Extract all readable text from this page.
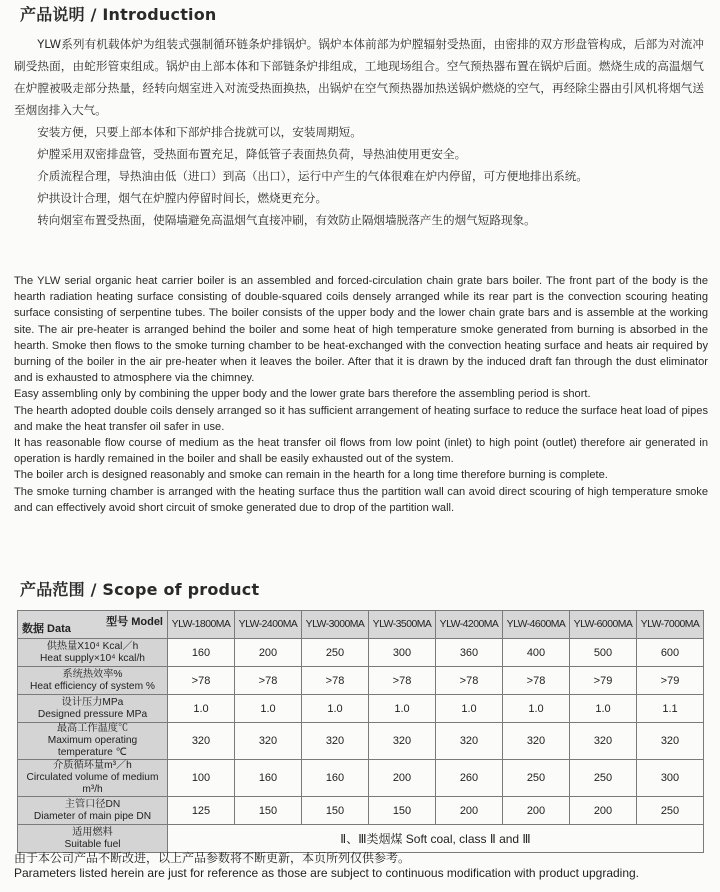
产品说明 / Introduction

YLW系列有机载体炉为组装式强制循环链条炉排锅炉。锅炉本体前部为炉膛辐射受热面，由密排的双方形盘管构成，后部为对流冲刷受热面，由蛇形管束组成。锅炉由上部本体和下部链条炉排组成，工地现场组合。空气预热器布置在锅炉后面。燃烧生成的高温烟气在炉膛被吸走部分热量，经转向烟室进入对流受热面换热，出锅炉在空气预热器加热送锅炉燃烧的空气，再经除尘器由引风机将烟气送至烟囱排入大气。

安装方便，只要上部本体和下部炉排合拢就可以，安装周期短。

炉膛采用双密排盘管，受热面布置充足，降低管子表面热负荷，导热油使用更安全。

介质流程合理，导热油由低（进口）到高（出口），运行中产生的气体很难在炉内停留，可方便地排出系统。

炉拱设计合理，烟气在炉膛内停留时间长，燃烧更充分。

转向烟室布置受热面，使隔墙避免高温烟气直接冲刷，有效防止隔烟墙脱落产生的烟气短路现象。

The YLW serial organic heat carrier boiler is an assembled and forced-circulation chain grate bars boiler. The front part of the body is the hearth radiation heating surface consisting of double-squared coils densely arranged while its rear part is the convection scouring heating surface consisting of serpentine tubes. The boiler consists of the upper body and the lower chain grate bars and is assemble at the working site. The air pre-heater is arranged behind the boiler and some heat of high temperature smoke generated from burning is absorbed in the hearth. Smoke then flows to the smoke turning chamber to be heat-exchanged with the convection heating surface and heats air required by burning of the boiler in the air pre-heater when it leaves the boiler. After that it is drawn by the induced draft fan through the dust eliminator and is exhausted to atmosphere via the chimney.

Easy assembling only by combining the upper body and the lower grate bars therefore the assembling period is short.

The hearth adopted double coils densely arranged so it has sufficient arrangement of heating surface to reduce the surface heat load of pipes and make the heat transfer oil safer in use.

It has reasonable flow course of medium as the heat transfer oil flows from low point (inlet) to high point (outlet) therefore air generated in operation is hardly remained in the boiler and shall be easily exhausted out of the system.

The boiler arch is designed reasonably and smoke can remain in the hearth for a long time therefore burning is complete.

The smoke turning chamber is arranged with the heating surface thus the partition wall can avoid direct scouring of high temperature smoke and can effectively avoid short circuit of smoke generated due to drop of the partition wall.

产品范围 / Scope of product
型号 Model
数据 Data	YLW-1800MA	YLW-2400MA	YLW-3000MA	YLW-3500MA	YLW-4200MA	YLW-4600MA	YLW-6000MA	YLW-7000MA
供热量X10⁴ Kcal／h
Heat supply×10⁴ kcal/h	160	200	250	300	360	400	500	600
系统热效率%
Heat efficiency of system %	>78	>78	>78	>78	>78	>78	>79	>79
设计压力MPa
Designed pressure MPa	1.0	1.0	1.0	1.0	1.0	1.0	1.0	1.1
最高工作温度℃
Maximum operating temperature ℃	320	320	320	320	320	320	320	320
介质循环量m³／h
Circulated volume of medium m³/h	100	160	160	200	260	250	250	300
主管口径DN
Diameter of main pipe DN	125	150	150	150	200	200	200	250
适用燃料
Suitable fuel	Ⅱ、Ⅲ类烟煤 Soft coal, class Ⅱ and Ⅲ							
由于本公司产品不断改进，以上产品参数将不断更新，本页所列仅供参考。
Parameters listed herein are just for reference as those are subject to continuous modification with product upgrading.
